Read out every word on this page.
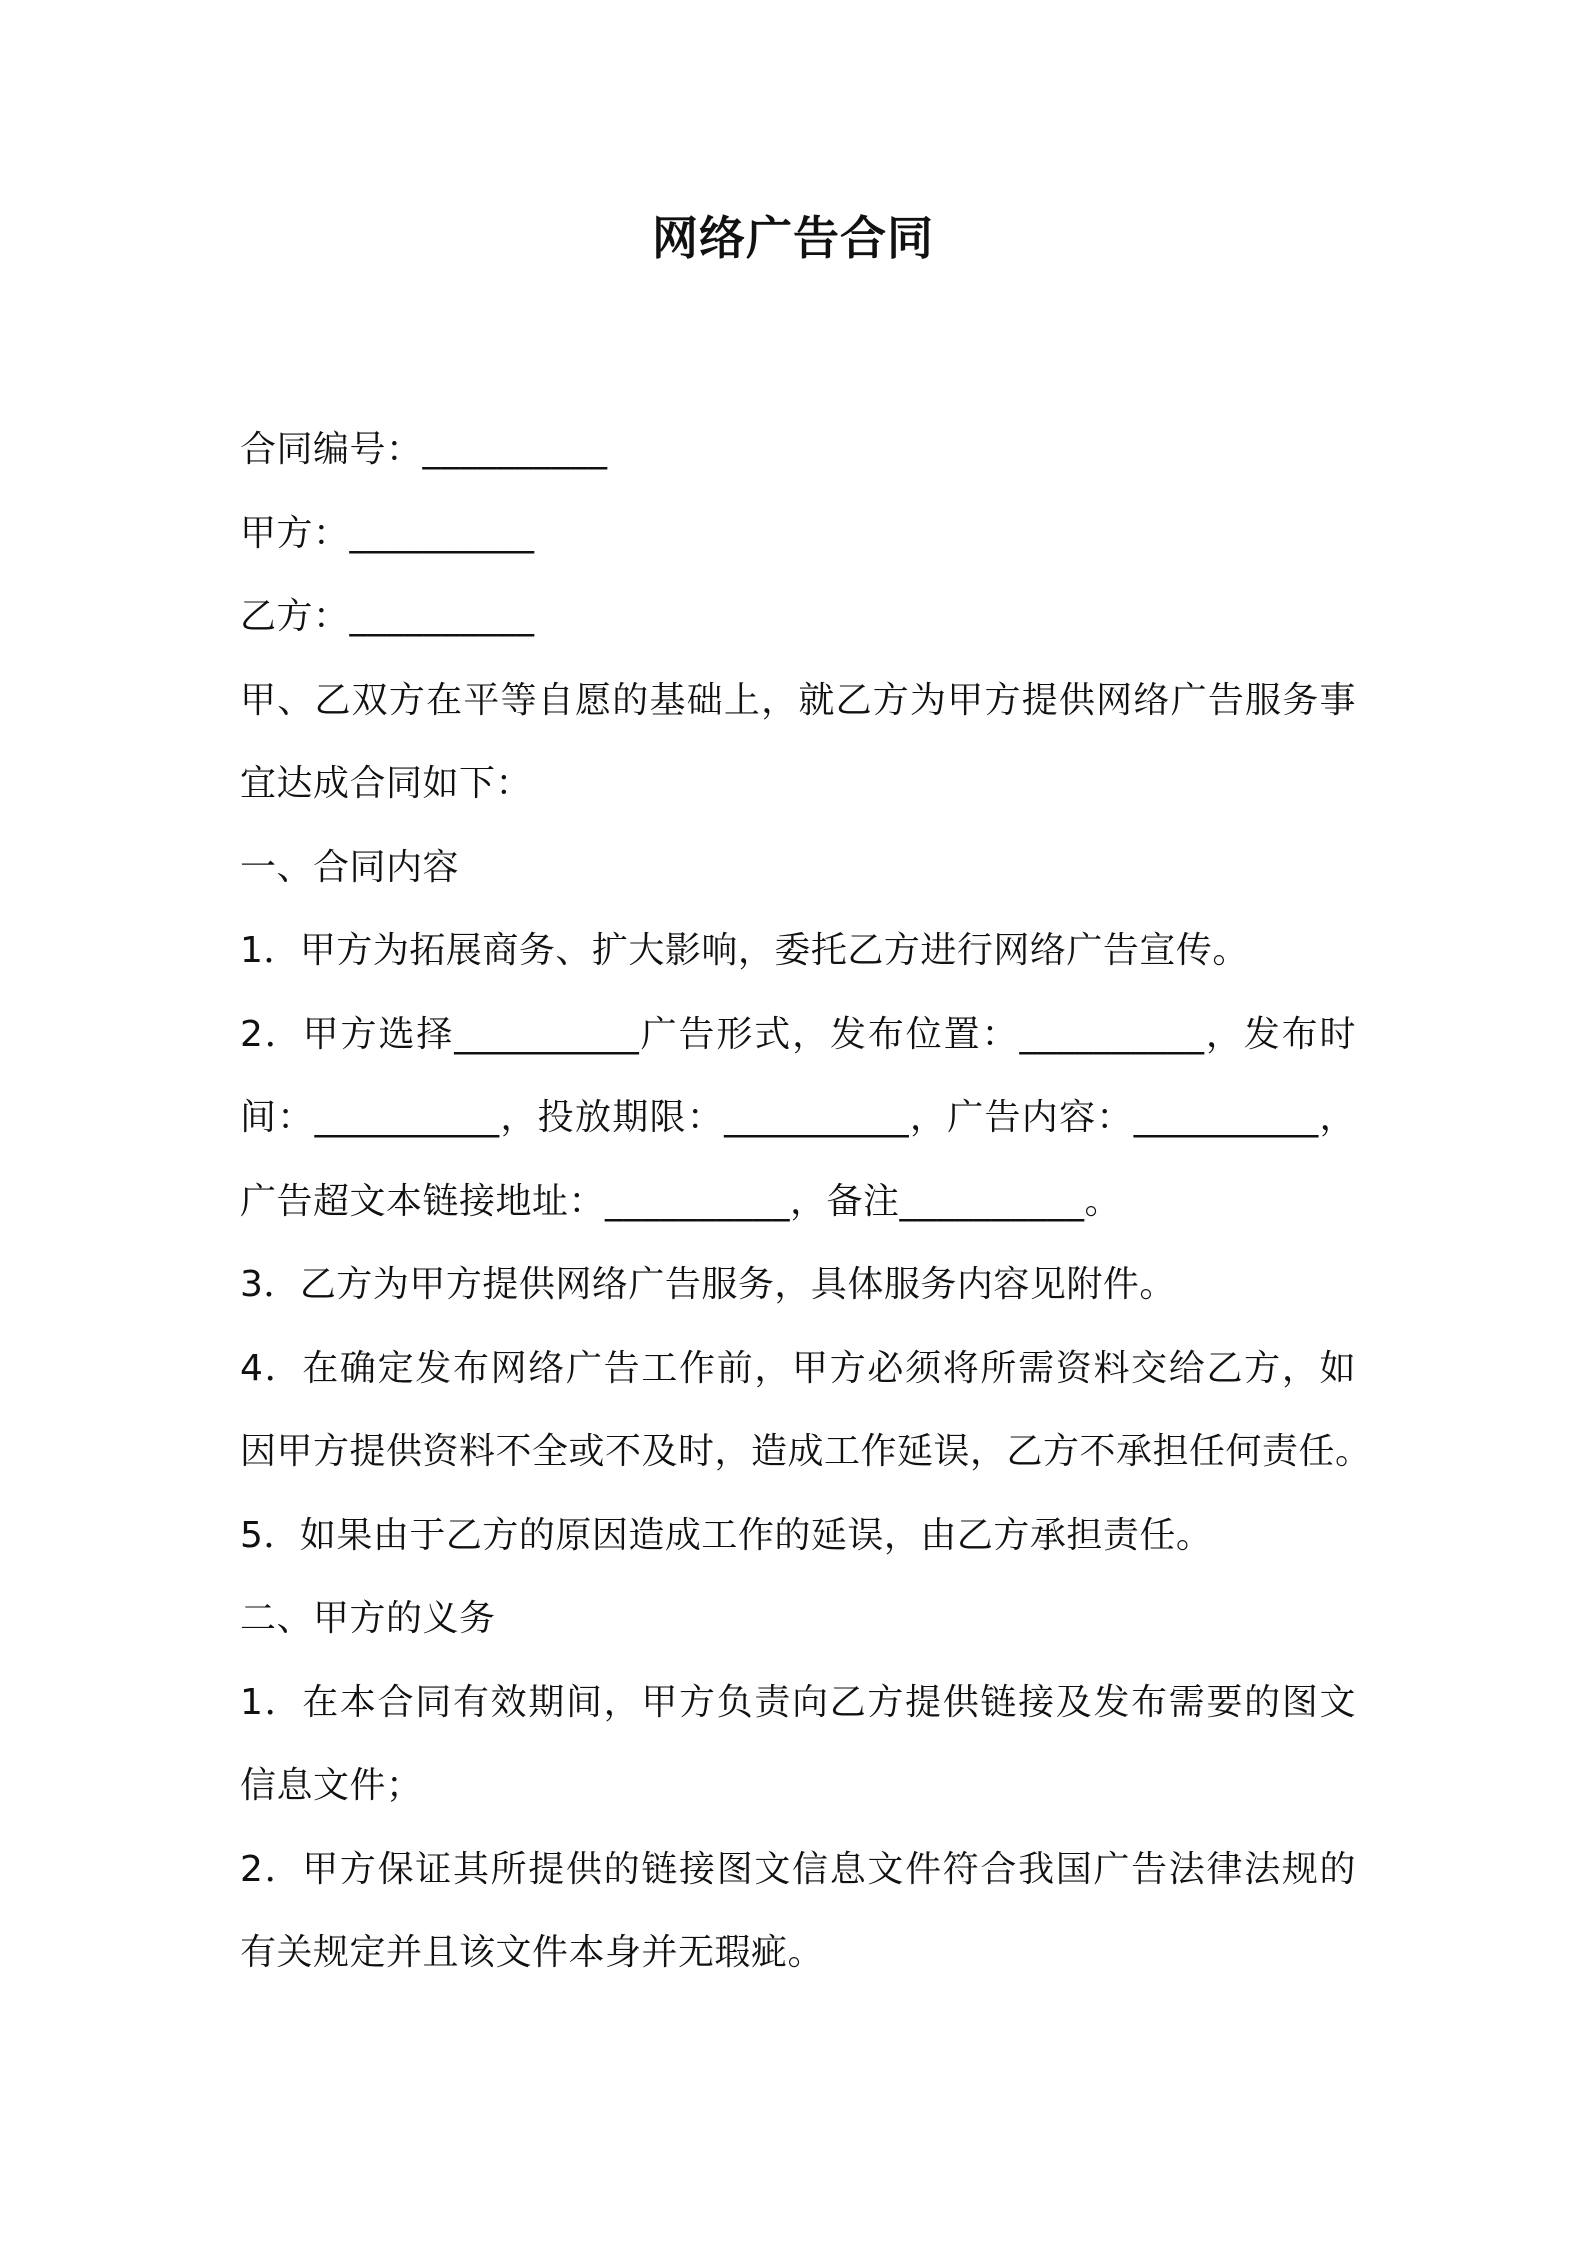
网络广告合同
合同编号：__________
甲方：__________
乙方：__________
甲、乙双方在平等自愿的基础上，就乙方为甲方提供网络广告服务事
宜达成合同如下：
一、合同内容
1．甲方为拓展商务、扩大影响，委托乙方进行网络广告宣传。
2．甲方选择__________广告形式，发布位置：__________，发布时
间：__________，投放期限：__________，广告内容：__________，
广告超文本链接地址：__________，备注__________。
3．乙方为甲方提供网络广告服务，具体服务内容见附件。
4．在确定发布网络广告工作前，甲方必须将所需资料交给乙方，如
因甲方提供资料不全或不及时，造成工作延误，乙方不承担任何责任。
5．如果由于乙方的原因造成工作的延误，由乙方承担责任。
二、甲方的义务
1．在本合同有效期间，甲方负责向乙方提供链接及发布需要的图文
信息文件；
2．甲方保证其所提供的链接图文信息文件符合我国广告法律法规的
有关规定并且该文件本身并无瑕疵。
